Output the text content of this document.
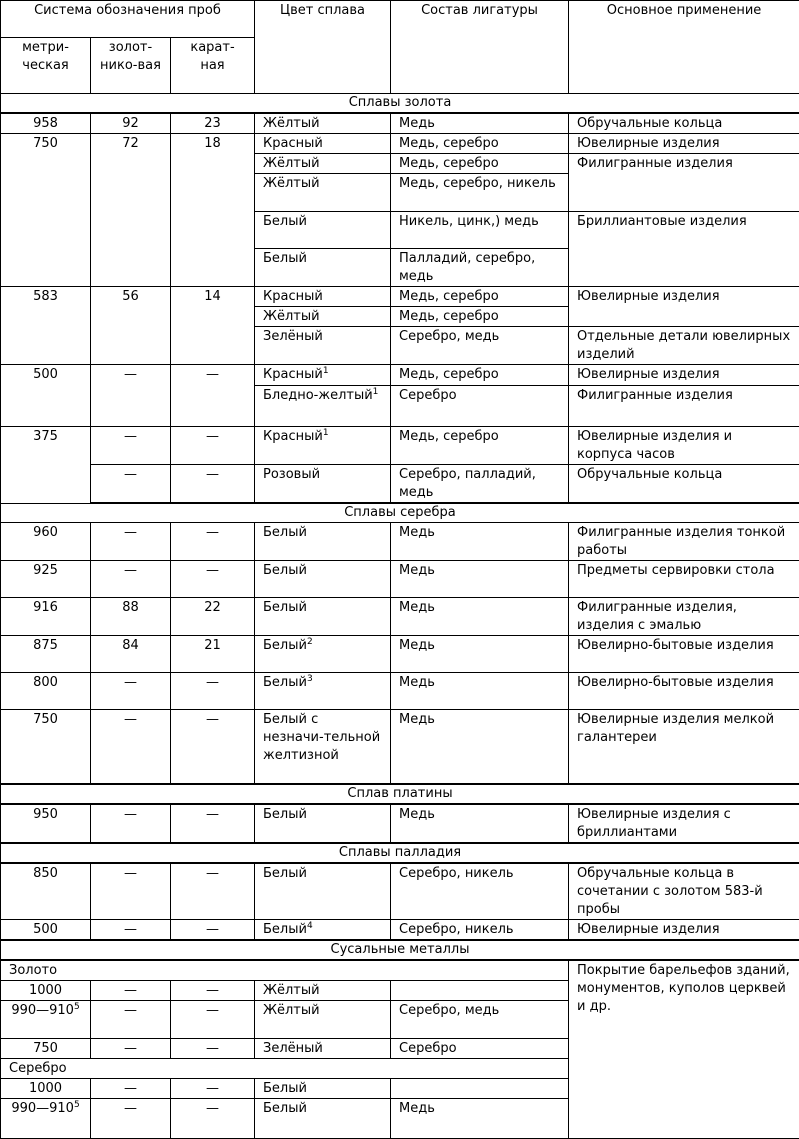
Система обозначения проб			Цвет сплава	Состав лигатуры	Основное применение
метри-ческая	золот-нико-вая	карат-ная			
Сплавы золота					
958	92	23	Жёлтый	Медь	Обручальные кольца
750	72	18	Красный	Медь, серебро	Ювелирные изделия
			Жёлтый	Медь, серебро	Филигранные изделия
			Жёлтый	Медь, серебро, никель	
			Белый	Никель, цинк,) медь	Бриллиантовые изделия
			Белый	Палладий, серебро, медь	
583	56	14	Красный	Медь, серебро	Ювелирные изделия
			Жёлтый	Медь, серебро	
			Зелёный	Серебро, медь	Отдельные детали ювелирных изделий
500	—	—	Красный$^1$	Медь, серебро	Ювелирные изделия
			Бледно-желтый$^1$	Серебро	Филигранные изделия
375	—	—	Красный$^1$	Медь, серебро	Ювелирные изделия и корпуса часов
	—	—	Розовый	Серебро, палладий, медь	Обручальные кольца
Сплавы серебра					
960	—	—	Белый	Медь	Филигранные изделия тонкой работы
925	—	—	Белый	Медь	Предметы сервировки стола
916	88	22	Белый	Медь	Филигранные изделия, изделия с эмалью
875	84	21	Белый$^2$	Медь	Ювелирно-бытовые изделия
800	—	—	Белый$^3$	Медь	Ювелирно-бытовые изделия
750	—	—	Белый с незначи-тельной желтизной	Медь	Ювелирные изделия мелкой галантереи
Сплав платины					
950	—	—	Белый	Медь	Ювелирные изделия с бриллиантами
Сплавы палладия					
850	—	—	Белый	Серебро, никель	Обручальные кольца в сочетании с золотом 583-й пробы
500	—	—	Белый$^4$	Серебро, никель	Ювелирные изделия
Сусальные металлы					
Золото					Покрытие барельефов зданий, монументов, куполов церквей и др.
1000	—	—	Жёлтый		
$990—910^5$	—	—	Жёлтый	Серебро, медь	
750	—	—	Зелёный	Серебро	
Серебро					
1000	—	—	Белый		
$990—910^5$	—	—	Белый	Медь	
